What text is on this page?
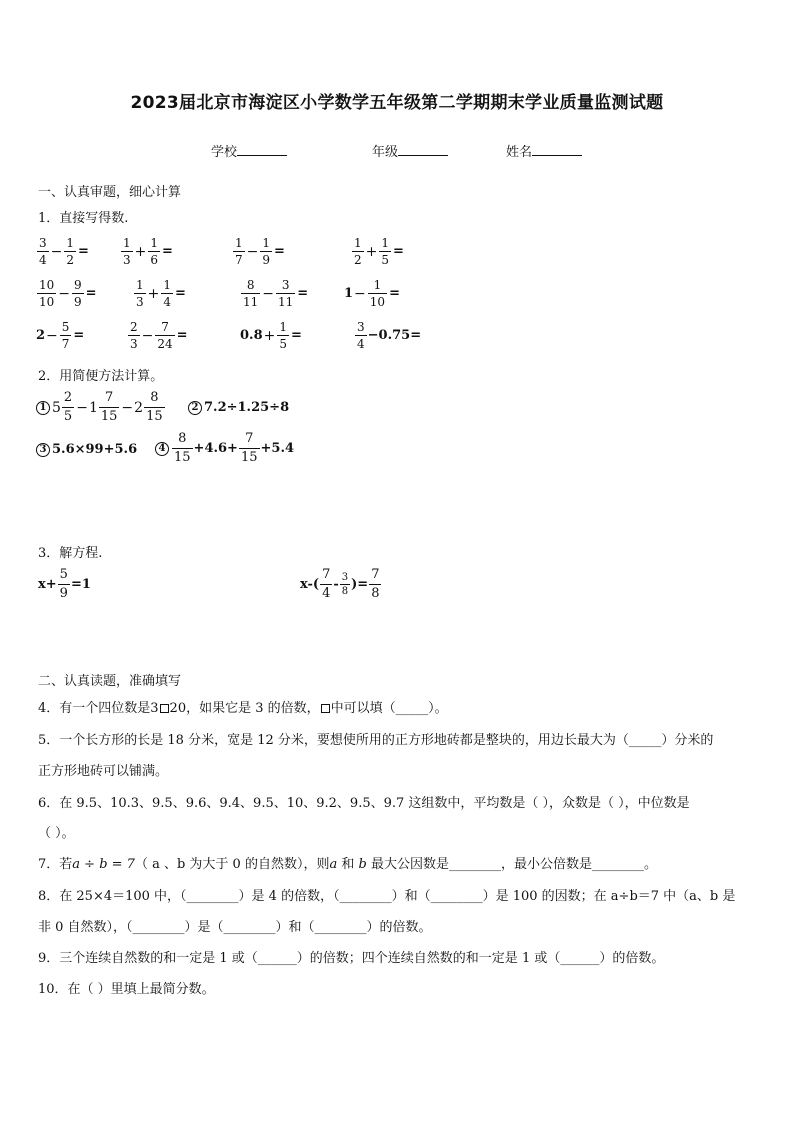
2023届北京市海淀区小学数学五年级第二学期期末学业质量监测试题
学校	年级	姓名
一、认真审题，细心计算
1．直接写得数.
$\frac{3}{4} - \frac{1}{2}$ =	$\frac{1}{3} + \frac{1}{6}$ =	$\frac{1}{7} - \frac{1}{9}$ =	$\frac{1}{2} + \frac{1}{5}$ =
$\frac{10}{10} - \frac{9}{9}$ =	$\frac{1}{3} + \frac{1}{4}$ =	$\frac{8}{11} - \frac{3}{11}$ =	$1 - \frac{1}{10}$ =
$2 - \frac{5}{7}$ =	$\frac{2}{3} - \frac{7}{24}$ =	$0.8 + \frac{1}{5}$ =	$\frac{3}{4} -0.75=$
2．用简便方法计算。
1 $5 \frac{2}{5} - 1 \frac{7}{15} - 2 \frac{8}{15}$	2 7.2÷1.25÷8
3 5.6×99+5.6	$4 \frac{8}{15} +4.6+ \frac{7}{15} +5.4$
3．解方程.
$x+ \frac{5}{9} =1$	$x-( \frac{7}{4} - \frac{3}{8}$ )= $\frac{7}{8}$
二、认真读题，准确填写
4．有一个四位数是3 20，如果它是 3 的倍数， 中可以填（_____）。
5．一个长方形的长是 18 分米，宽是 12 分米，要想使所用的正方形地砖都是整块的，用边长最大为（_____）分米的
正方形地砖可以铺满。
6．在 9.5、10.3、9.5、9.6、9.4、9.5、10、9.2、9.5、9.7 这组数中，平均数是（ ），众数是（ ），中位数是
（ ）。
7．若a ÷ b = 7（ a 、b 为大于 0 的自然数），则a 和 b 最大公因数是________，最小公倍数是________。
8．在 25×4＝100 中，（________）是 4 的倍数，（________）和（________）是 100 的因数；在 a÷b＝7 中（a、b 是
非 0 自然数），（________）是（________）和（________）的倍数。
9．三个连续自然数的和一定是 1 或（______）的倍数；四个连续自然数的和一定是 1 或（______）的倍数。
10．在（ ）里填上最简分数。
